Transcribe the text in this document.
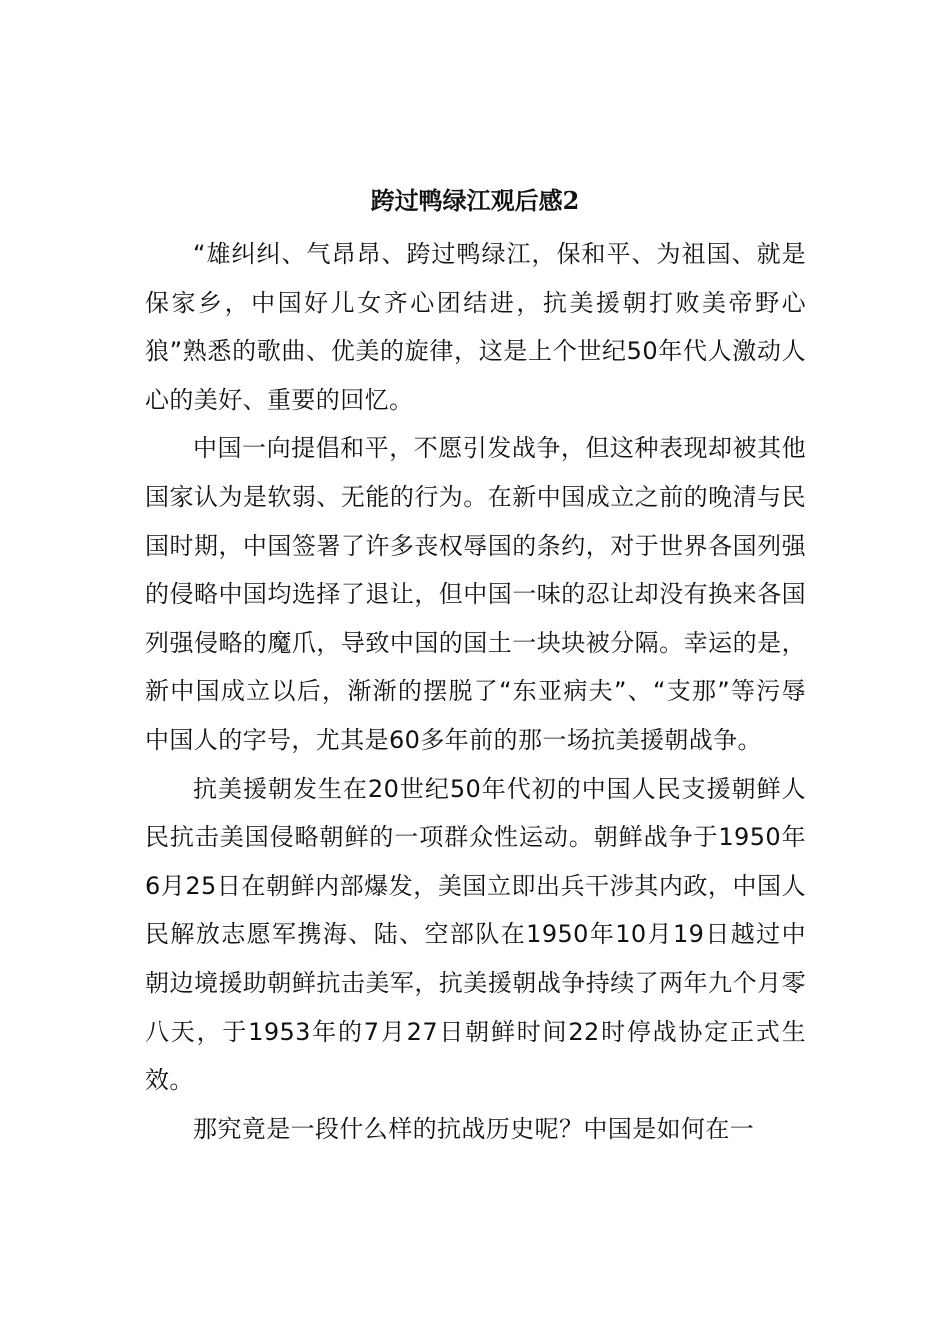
跨过鸭绿江观后感2

“雄纠纠、气昂昂、跨过鸭绿江，保和平、为祖国、就是保家乡，中国好儿女齐心团结进，抗美援朝打败美帝野心狼”熟悉的歌曲、优美的旋律，这是上个世纪50年代人激动人心的美好、重要的回忆。

中国一向提倡和平，不愿引发战争，但这种表现却被其他国家认为是软弱、无能的行为。在新中国成立之前的晚清与民国时期，中国签署了许多丧权辱国的条约，对于世界各国列强的侵略中国均选择了退让，但中国一味的忍让却没有换来各国列强侵略的魔爪，导致中国的国土一块块被分隔。幸运的是，新中国成立以后，渐渐的摆脱了“东亚病夫”、“支那”等污辱中国人的字号，尤其是60多年前的那一场抗美援朝战争。

抗美援朝发生在20世纪50年代初的中国人民支援朝鲜人民抗击美国侵略朝鲜的一项群众性运动。朝鲜战争于1950年6月25日在朝鲜内部爆发，美国立即出兵干涉其内政，中国人民解放志愿军携海、陆、空部队在1950年10月19日越过中朝边境援助朝鲜抗击美军，抗美援朝战争持续了两年九个月零八天，于1953年的7月27日朝鲜时间22时停战协定正式生效。

那究竟是一段什么样的抗战历史呢？中国是如何在一
